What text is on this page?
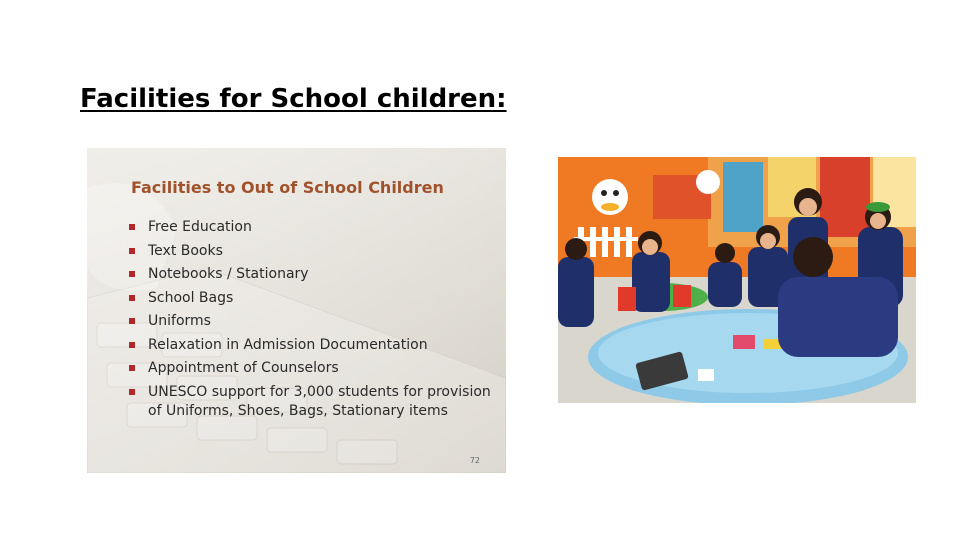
Facilities for School children:
Facilities to Out of School Children
Free Education
Text Books
Notebooks / Stationary
School Bags
Uniforms
Relaxation in Admission Documentation
Appointment of Counselors
UNESCO support for 3,000 students for provision of Uniforms, Shoes, Bags, Stationary items
72
